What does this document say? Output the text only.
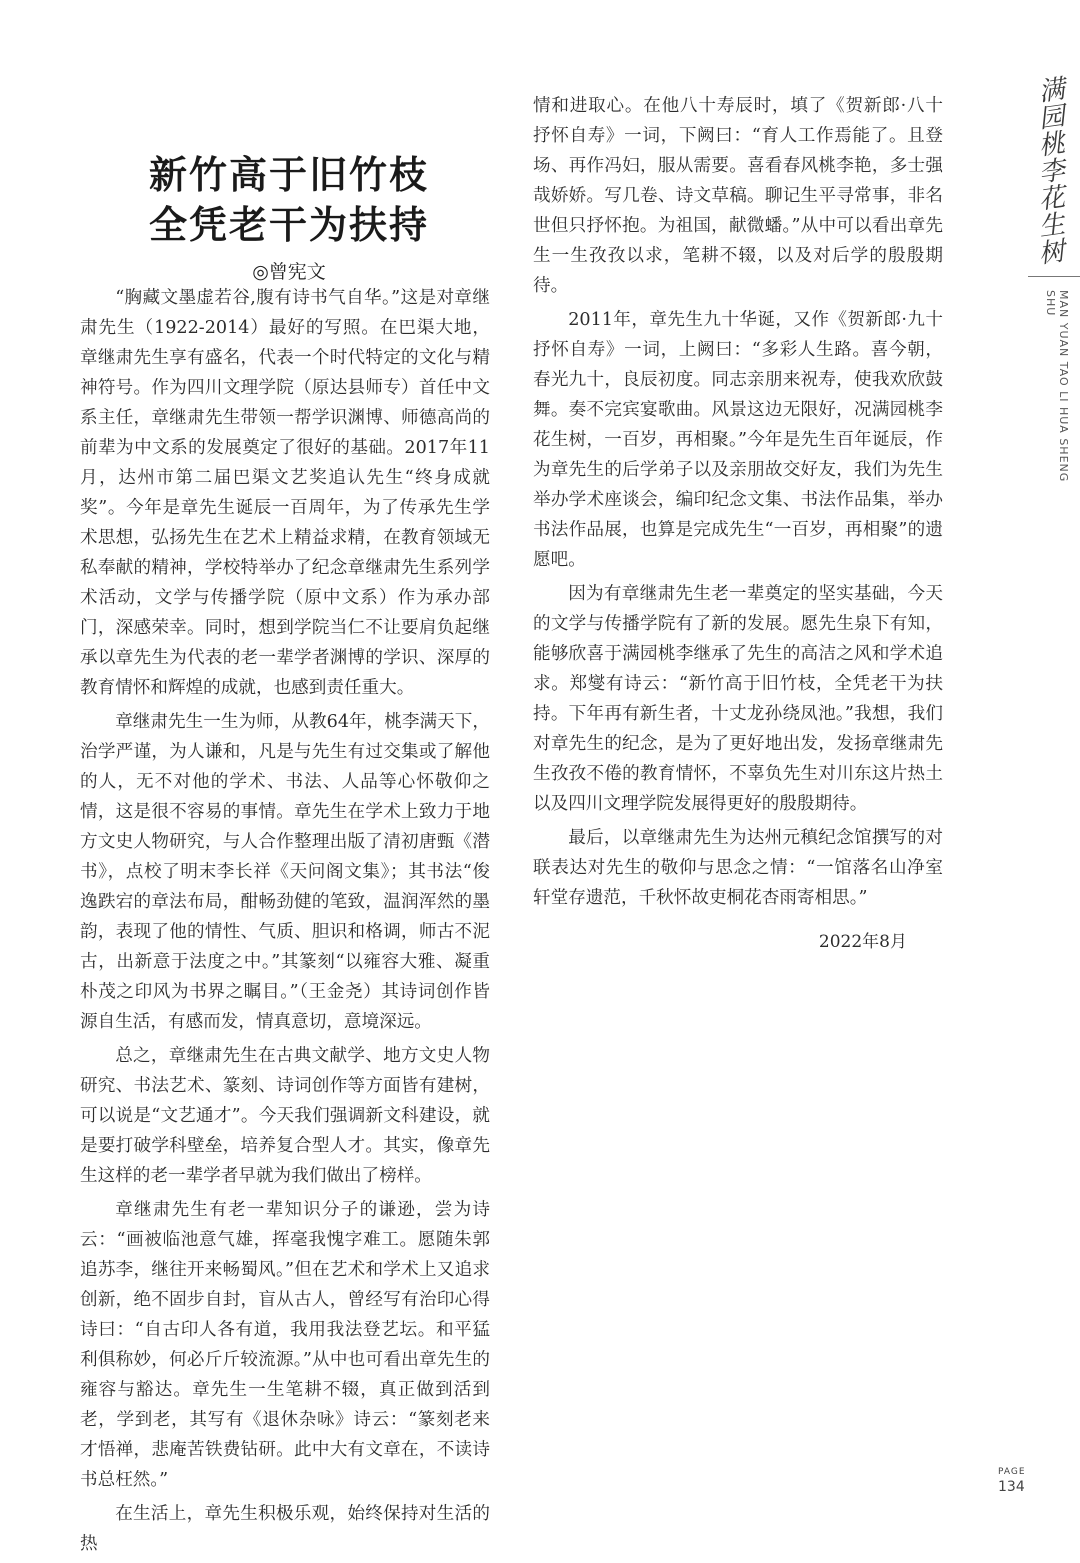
新竹高于旧竹枝
全凭老干为扶持
◎曾宪文

“胸藏文墨虚若谷,腹有诗书气自华。”这是对章继肃先生（1922-2014）最好的写照。在巴渠大地，章继肃先生享有盛名，代表一个时代特定的文化与精神符号。作为四川文理学院（原达县师专）首任中文系主任，章继肃先生带领一帮学识渊博、师德高尚的前辈为中文系的发展奠定了很好的基础。2017年11月，达州市第二届巴渠文艺奖追认先生“终身成就奖”。今年是章先生诞辰一百周年，为了传承先生学术思想，弘扬先生在艺术上精益求精，在教育领域无私奉献的精神，学校特举办了纪念章继肃先生系列学术活动，文学与传播学院（原中文系）作为承办部门，深感荣幸。同时，想到学院当仁不让要肩负起继承以章先生为代表的老一辈学者渊博的学识、深厚的教育情怀和辉煌的成就，也感到责任重大。

章继肃先生一生为师，从教64年，桃李满天下，治学严谨，为人谦和，凡是与先生有过交集或了解他的人，无不对他的学术、书法、人品等心怀敬仰之情，这是很不容易的事情。章先生在学术上致力于地方文史人物研究，与人合作整理出版了清初唐甄《潜书》，点校了明末李长祥《天问阁文集》；其书法“俊逸跌宕的章法布局，酣畅劲健的笔致，温润浑然的墨韵，表现了他的情性、气质、胆识和格调，师古不泥古，出新意于法度之中。”其篆刻“以雍容大雅、凝重朴茂之印风为书界之瞩目。”（王金尧）其诗词创作皆源自生活，有感而发，情真意切，意境深远。

总之，章继肃先生在古典文献学、地方文史人物研究、书法艺术、篆刻、诗词创作等方面皆有建树，可以说是“文艺通才”。今天我们强调新文科建设，就是要打破学科壁垒，培养复合型人才。其实，像章先生这样的老一辈学者早就为我们做出了榜样。

章继肃先生有老一辈知识分子的谦逊，尝为诗云：“画被临池意气雄，挥毫我愧字难工。愿随朱郭追苏李，继往开来畅蜀风。”但在艺术和学术上又追求创新，绝不固步自封，盲从古人，曾经写有治印心得诗曰：“自古印人各有道，我用我法登艺坛。和平猛利俱称妙，何必斤斤较流源。”从中也可看出章先生的雍容与豁达。章先生一生笔耕不辍，真正做到活到老，学到老，其写有《退休杂咏》诗云：“篆刻老来才悟禅，悲庵苦铁费钻研。此中大有文章在，不读诗书总枉然。”

在生活上，章先生积极乐观，始终保持对生活的热

情和进取心。在他八十寿辰时，填了《贺新郎·八十抒怀自寿》一词，下阙曰：“育人工作焉能了。且登场、再作冯妇，服从需要。喜看春风桃李艳，多士强哉娇娇。写几卷、诗文草稿。聊记生平寻常事，非名世但只抒怀抱。为祖国，献微蟠。”从中可以看出章先生一生孜孜以求，笔耕不辍，以及对后学的殷殷期待。

2011年，章先生九十华诞，又作《贺新郎·九十抒怀自寿》一词，上阙曰：“多彩人生路。喜今朝，春光九十，良辰初度。同志亲朋来祝寿，使我欢欣鼓舞。奏不完宾宴歌曲。风景这边无限好，况满园桃李花生树，一百岁，再相聚。”今年是先生百年诞辰，作为章先生的后学弟子以及亲朋故交好友，我们为先生举办学术座谈会，编印纪念文集、书法作品集，举办书法作品展，也算是完成先生“一百岁，再相聚”的遗愿吧。

因为有章继肃先生老一辈奠定的坚实基础，今天的文学与传播学院有了新的发展。愿先生泉下有知，能够欣喜于满园桃李继承了先生的高洁之风和学术追求。郑燮有诗云：“新竹高于旧竹枝，全凭老干为扶持。下年再有新生者，十丈龙孙绕凤池。”我想，我们对章先生的纪念，是为了更好地出发，发扬章继肃先生孜孜不倦的教育情怀，不辜负先生对川东这片热土以及四川文理学院发展得更好的殷殷期待。

最后，以章继肃先生为达州元稹纪念馆撰写的对联表达对先生的敬仰与思念之情：“一馆落名山净室轩堂存遗范，千秋怀故吏桐花杏雨寄相思。”

2022年8月
满
园
桃
李
花
生
树
MAN YUAN TAO LI HUA SHENG SHU
PAGE
134
